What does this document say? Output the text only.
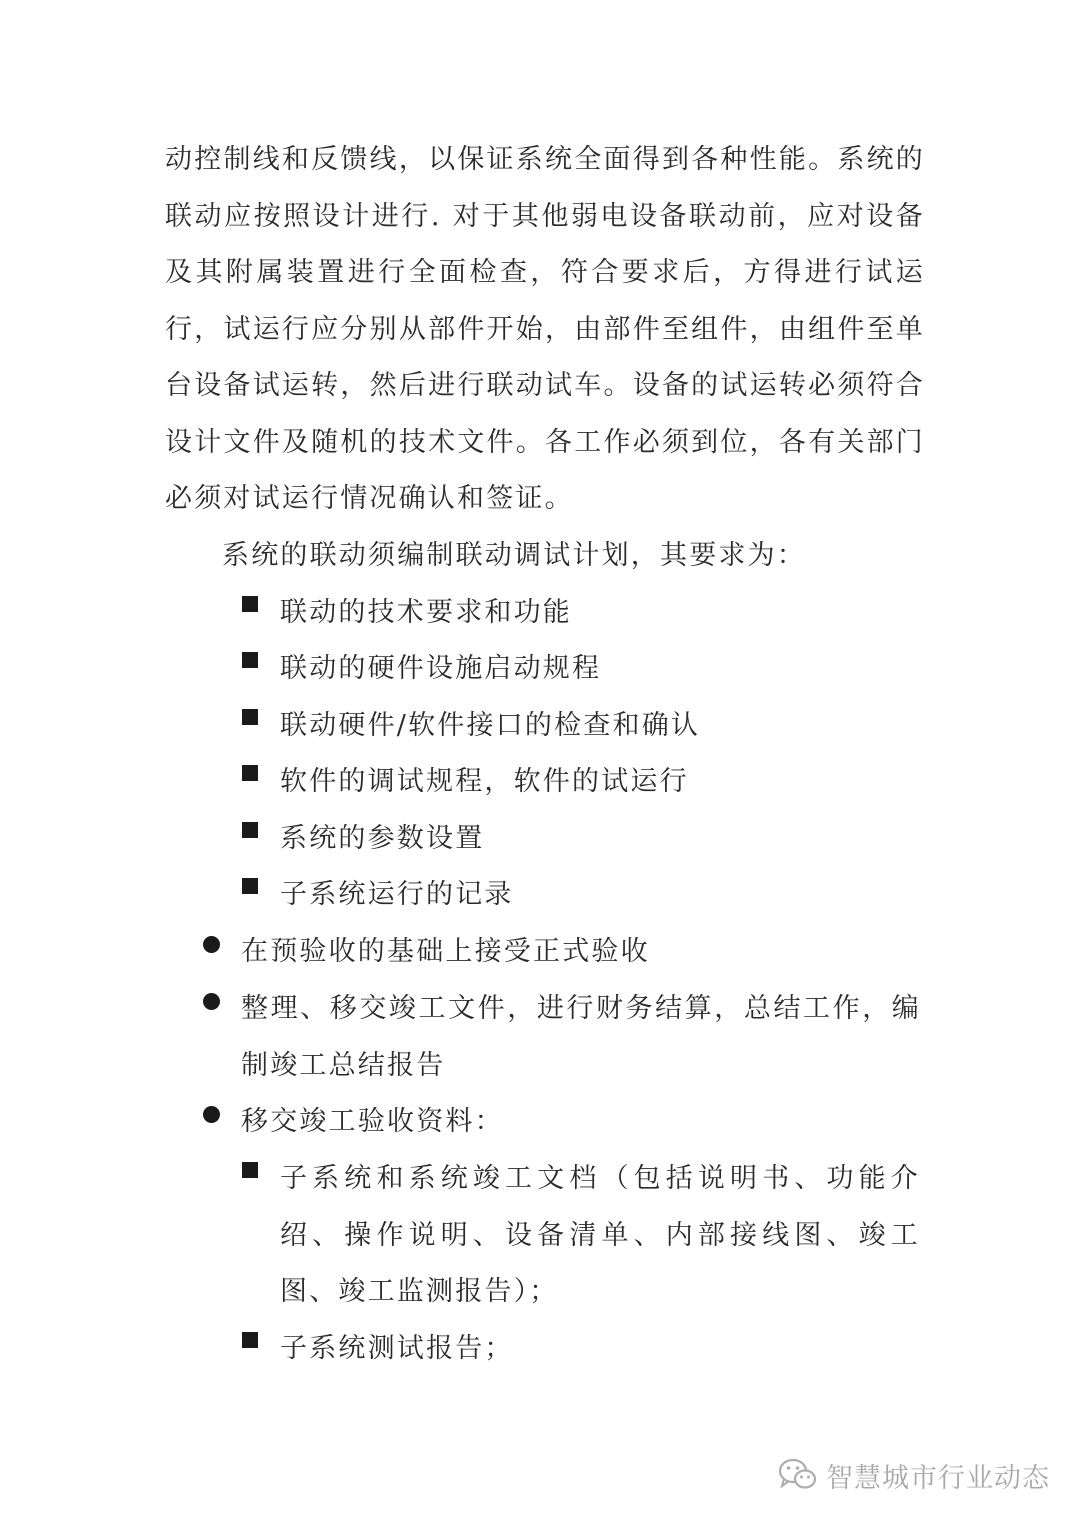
动控制线和反馈线，以保证系统全面得到各种性能。系统的联动应按照设计进行. 对于其他弱电设备联动前，应对设备及其附属装置进行全面检查，符合要求后，方得进行试运行，试运行应分别从部件开始，由部件至组件，由组件至单台设备试运转，然后进行联动试车。设备的试运转必须符合设计文件及随机的技术文件。各工作必须到位，各有关部门必须对试运行情况确认和签证。

系统的联动须编制联动调试计划，其要求为：
联动的技术要求和功能
联动的硬件设施启动规程
联动硬件/软件接口的检查和确认
软件的调试规程，软件的试运行
系统的参数设置
子系统运行的记录
在预验收的基础上接受正式验收
整理、移交竣工文件，进行财务结算，总结工作，编制竣工总结报告
移交竣工验收资料：
子系统和系统竣工文档（包括说明书、功能介绍、操作说明、设备清单、内部接线图、竣工图、竣工监测报告）；
子系统测试报告；
智慧城市行业动态
